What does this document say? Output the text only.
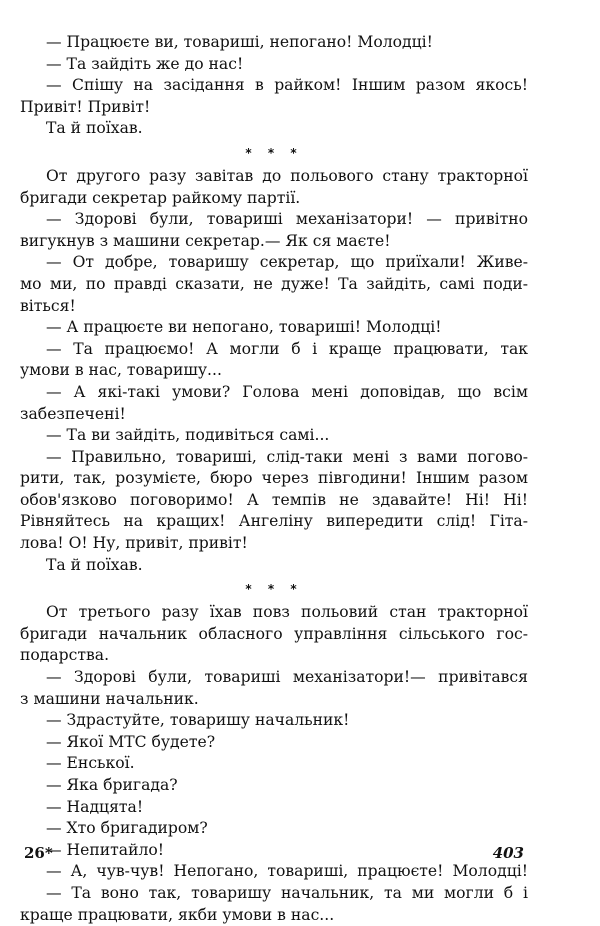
— Працюєте ви, товариші, непогано! Молодці!
— Та зайдіть же до нас!
— Спішу на засідання в райком! Іншим разом якось!
Привіт! Привіт!
Та й поїхав.
* * *
От другого разу завітав до польового стану тракторної
бригади секретар райкому партії.
— Здорові були, товариші механізатори! — привітно
вигукнув з машини секретар.— Як ся маєте!
— От добре, товаришу секретар, що приїхали! Живе-
мо ми, по правді сказати, не дуже! Та зайдіть, самі поди-
віться!
— А працюєте ви непогано, товариші! Молодці!
— Та працюємо! А могли б і краще працювати, так
умови в нас, товаришу...
— А які-такі умови? Голова мені доповідав, що всім
забезпечені!
— Та ви зайдіть, подивіться самі...
— Правильно, товариші, слід-таки мені з вами погово-
рити, так, розумієте, бюро через півгодини! Іншим разом
обов'язково поговоримо! А темпів не здавайте! Ні! Ні!
Рівняйтесь на кращих! Ангеліну випередити слід! Гіта-
лова! О! Ну, привіт, привіт!
Та й поїхав.
* * *
От третього разу їхав повз польовий стан тракторної
бригади начальник обласного управління сільського гос-
подарства.
— Здорові були, товариші механізатори!— привітався
з машини начальник.
— Здрастуйте, товаришу начальник!
— Якої МТС будете?
— Енської.
— Яка бригада?
— Надцята!
— Хто бригадиром?
— Непитайло!
— А, чув-чув! Непогано, товариші, працюєте! Молодці!
— Та воно так, товаришу начальник, та ми могли б і
краще працювати, якби умови в нас...
26*	403
